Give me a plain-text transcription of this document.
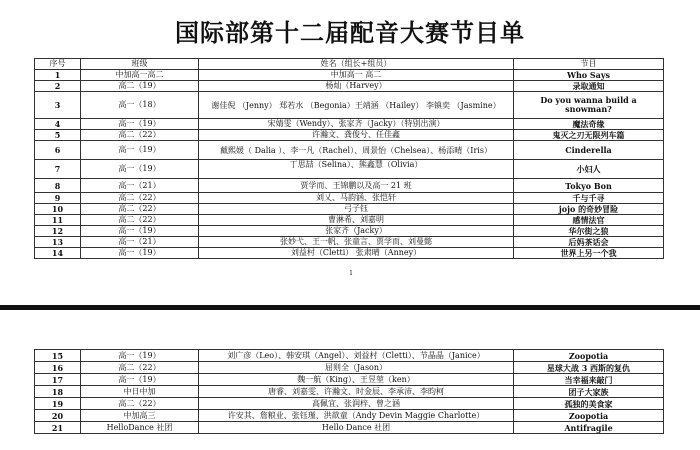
国际部第十二届配音大赛节目单
序号	班级	姓名（组长+组员）	节目
1	中加高一高二	中加高一 高二	Who Says
2	高二（19）	杨灿（Harvey）	录取通知
3	高一（18）	谢佳倪 （Jenny） 郑若水 （Begonia）王靖涵 （Hailey） 李镇奕 （Jasmine）	Do you wanna build a snowman?
4	高一（19）	宋婧雯（Wendy）、张家齐（Jacky）（特别出演）	魔法奇缘
5	高二（22）	许瀚文、龚俊兮、任佳鑫	鬼灭之刃无限列车篇
6	高一（19）	戴熙媛（ Dalia ）、李一凡（Rachel）、周景怡（Chelsea）、杨添晴（Iris）	Cinderella
7	高一（19）	丁思喆（Selina）、熊鑫慧（Olivia）	小妇人
8	高一（21）	贾学而、王锦鹏以及高一 21 班	Tokyo Bon
9	高二（22）	刘乂、马韵涵、张恺轩	千与千寻
10	高二（22）	弓子钰	jojo 的奇妙冒险
11	高二（22）	曹淋希、刘嘉明	感情法官
12	高一（19）	张家齐（Jacky）	华尔街之狼
13	高一（21）	张妙弋、王一帆、张童言、贾学而、刘曼懿	后妈茶话会
14	高一（19）	刘益村（Cletti） 张肃晴（Anney）	世界上另一个我
1
15	高一（19）	刘广彦（Leo）、韩安琪（Angel）、刘益村（Cletti）、节晶晶（Janice）	Zoopotia
16	高二（22）	屈则全（Jason）	星球大战 3 西斯的复仇
17	高一（19）	魏一航（King）、王昱堃（ken）	当幸福来敲门
18	中日中加	唐睿、刘嘉雯、许瀚文、时金辰、李承沛、李昀柯	团子大家族
19	高二（22）	高佩宜、张润梓、曾之涵	孤独的美食家
20	中加高三	许安其、詹粮业、张钰瑾、洪歆童（Andy Devin Maggie Charlotte）	Zoopotia
21	HelloDance 社团	Hello Dance 社团	Antifragile
